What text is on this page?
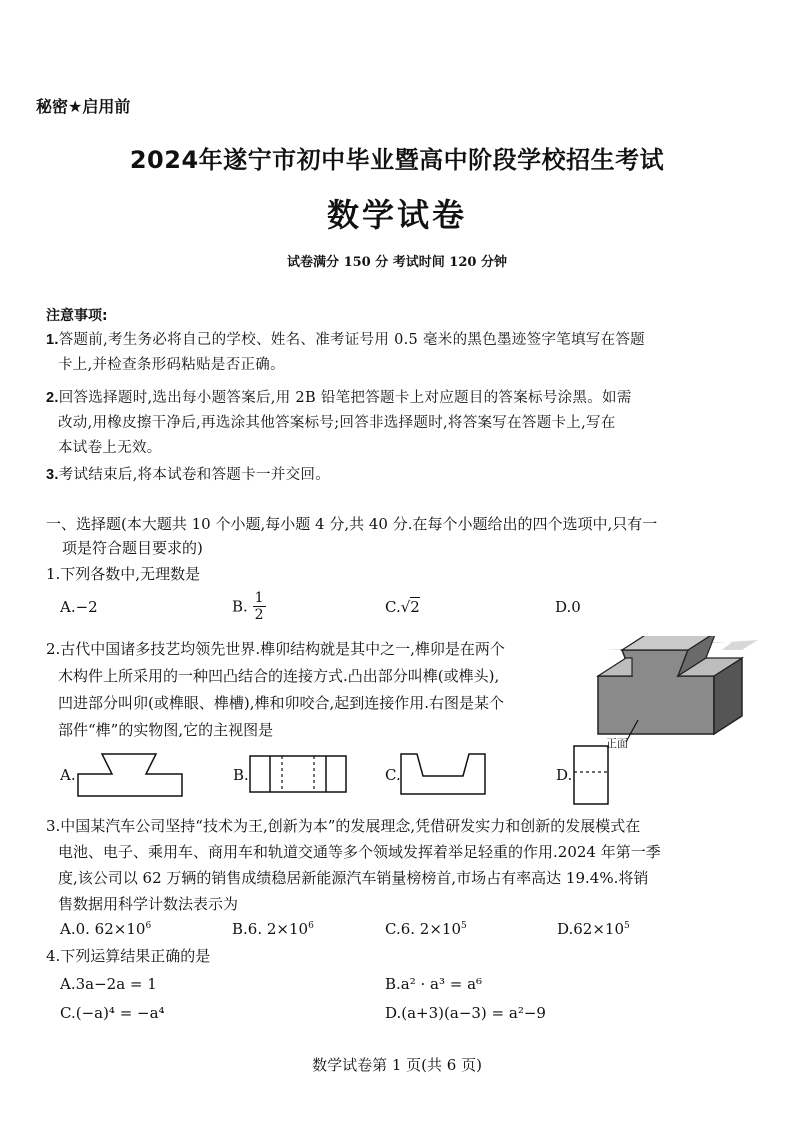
秘密★启用前
2024年遂宁市初中毕业暨高中阶段学校招生考试
数学试卷
试卷满分 150 分 考试时间 120 分钟
注意事项:
1.答题前,考生务必将自己的学校、姓名、准考证号用 0.5 毫米的黑色墨迹签字笔填写在答题
卡上,并检查条形码粘贴是否正确。
2.回答选择题时,选出每小题答案后,用 2B 铅笔把答题卡上对应题目的答案标号涂黑。如需
改动,用橡皮擦干净后,再选涂其他答案标号;回答非选择题时,将答案写在答题卡上,写在
本试卷上无效。
3.考试结束后,将本试卷和答题卡一并交回。
一、选择题(本大题共 10 个小题,每小题 4 分,共 40 分.在每个小题给出的四个选项中,只有一
项是符合题目要求的)
1.下列各数中,无理数是
A.−2	B. $\frac{1}{2}$	C.√2	D.0
2.古代中国诸多技艺均领先世界.榫卯结构就是其中之一,榫卯是在两个
木构件上所采用的一种凹凸结合的连接方式.凸出部分叫榫(或榫头),
凹进部分叫卯(或榫眼、榫槽),榫和卯咬合,起到连接作用.右图是某个
部件“榫”的实物图,它的主视图是
正面
A.	B.	C.	D.
3.中国某汽车公司坚持“技术为王,创新为本”的发展理念,凭借研发实力和创新的发展模式在
电池、电子、乘用车、商用车和轨道交通等多个领域发挥着举足轻重的作用.2024 年第一季
度,该公司以 62 万辆的销售成绩稳居新能源汽车销量榜榜首,市场占有率高达 19.4%.将销
售数据用科学计数法表示为
A.0. $62\times 10^6$	B.6. $2\times 10^6$	C.6. $2\times 10^5$	$D.62\times 10^5$
4.下列运算结果正确的是
A.3a−2a = 1	B.a² · a³ = a⁶
C.(−a)⁴ = −a⁴	D.(a+3)(a−3) = a²−9
数学试卷第 1 页(共 6 页)
